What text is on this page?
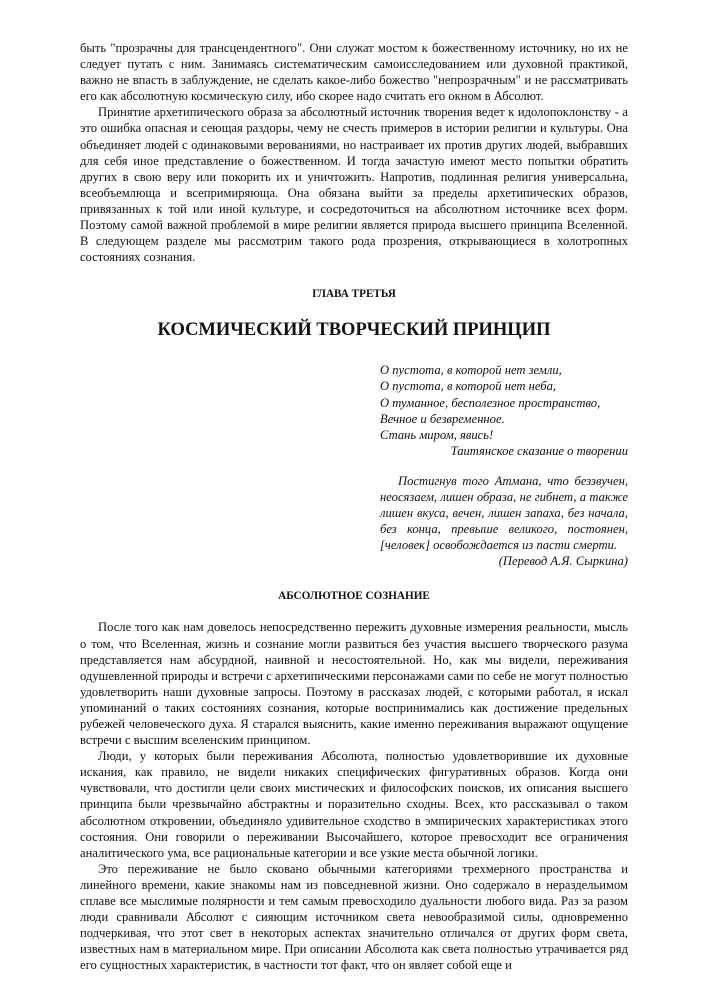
быть "прозрачны для трансцендентного". Они служат мостом к божественному источнику, но их не следует путать с ним. Занимаясь систематическим самоисследованием или духовной практикой, важно не впасть в заблуждение, не сделать какое-либо божество "непрозрачным" и не рассматривать его как абсолютную космическую силу, ибо скорее надо считать его окном в Абсолют.

Принятие архетипического образа за абсолютный источник творения ведет к идолопоклонству - а это ошибка опасная и сеющая раздоры, чему не счесть примеров в истории религии и культуры. Она объединяет людей с одинаковыми верованиями, но настраивает их против других людей, выбравших для себя иное представление о божественном. И тогда зачастую имеют место попытки обратить других в свою веру или покорить их и уничтожить. Напротив, подлинная религия универсальна, всеобъемлюща и всепримиряюща. Она обязана выйти за пределы архетипических образов, привязанных к той или иной культуре, и сосредоточиться на абсолютном источнике всех форм. Поэтому самой важной проблемой в мире религии является природа высшего принципа Вселенной. В следующем разделе мы рассмотрим такого рода прозрения, открывающиеся в холотропных состояниях сознания.

ГЛАВА ТРЕТЬЯ
КОСМИЧЕСКИЙ ТВОРЧЕСКИЙ ПРИНЦИП
О пустота, в которой нет земли,
О пустота, в которой нет неба,
О туманное, бесполезное пространство,
Вечное и безвременное.
Стань миром, явись!
Таитянское сказание о творении

Постигнув того Атмана, что беззвучен, неосязаем, лишен образа, не гибнет, а также лишен вкуса, вечен, лишен запаха, без начала, без конца, превыше великого, постоянен, [человек] освобождается из пасти смерти.

(Перевод А.Я. Сыркина)
АБСОЛЮТНОЕ СОЗНАНИЕ

После того как нам довелось непосредственно пережить духовные измерения реальности, мысль о том, что Вселенная, жизнь и сознание могли развиться без участия высшего творческого разума представляется нам абсурдной, наивной и несостоятельной. Но, как мы видели, переживания одушевленной природы и встречи с архетипическими персонажами сами по себе не могут полностью удовлетворить наши духовные запросы. Поэтому в рассказах людей, с которыми работал, я искал упоминаний о таких состояниях сознания, которые воспринимались как достижение предельных рубежей человеческого духа. Я старался выяснить, какие именно переживания выражают ощущение встречи с высшим вселенским принципом.

Люди, у которых были переживания Абсолюта, полностью удовлетворившие их духовные искания, как правило, не видели никаких специфических фигуративных образов. Когда они чувствовали, что достигли цели своих мистических и философских поисков, их описания высшего принципа были чрезвычайно абстрактны и поразительно сходны. Всех, кто рассказывал о таком абсолютном откровении, объединяло удивительное сходство в эмпирических характеристиках этого состояния. Они говорили о переживании Высочайшего, которое превосходит все ограничения аналитического ума, все рациональные категории и все узкие места обычной логики.

Это переживание не было сковано обычными категориями трехмерного пространства и линейного времени, какие знакомы нам из повседневной жизни. Оно содержало в нераздельимом сплаве все мыслимые полярности и тем самым превосходило дуальности любого вида. Раз за разом люди сравнивали Абсолют с сияющим источником света невообразимой силы, одновременно подчеркивая, что этот свет в некоторых аспектах значительно отличался от других форм света, известных нам в материальном мире. При описании Абсолюта как света полностью утрачивается ряд его сущностных характеристик, в частности тот факт, что он являет собой еще и
